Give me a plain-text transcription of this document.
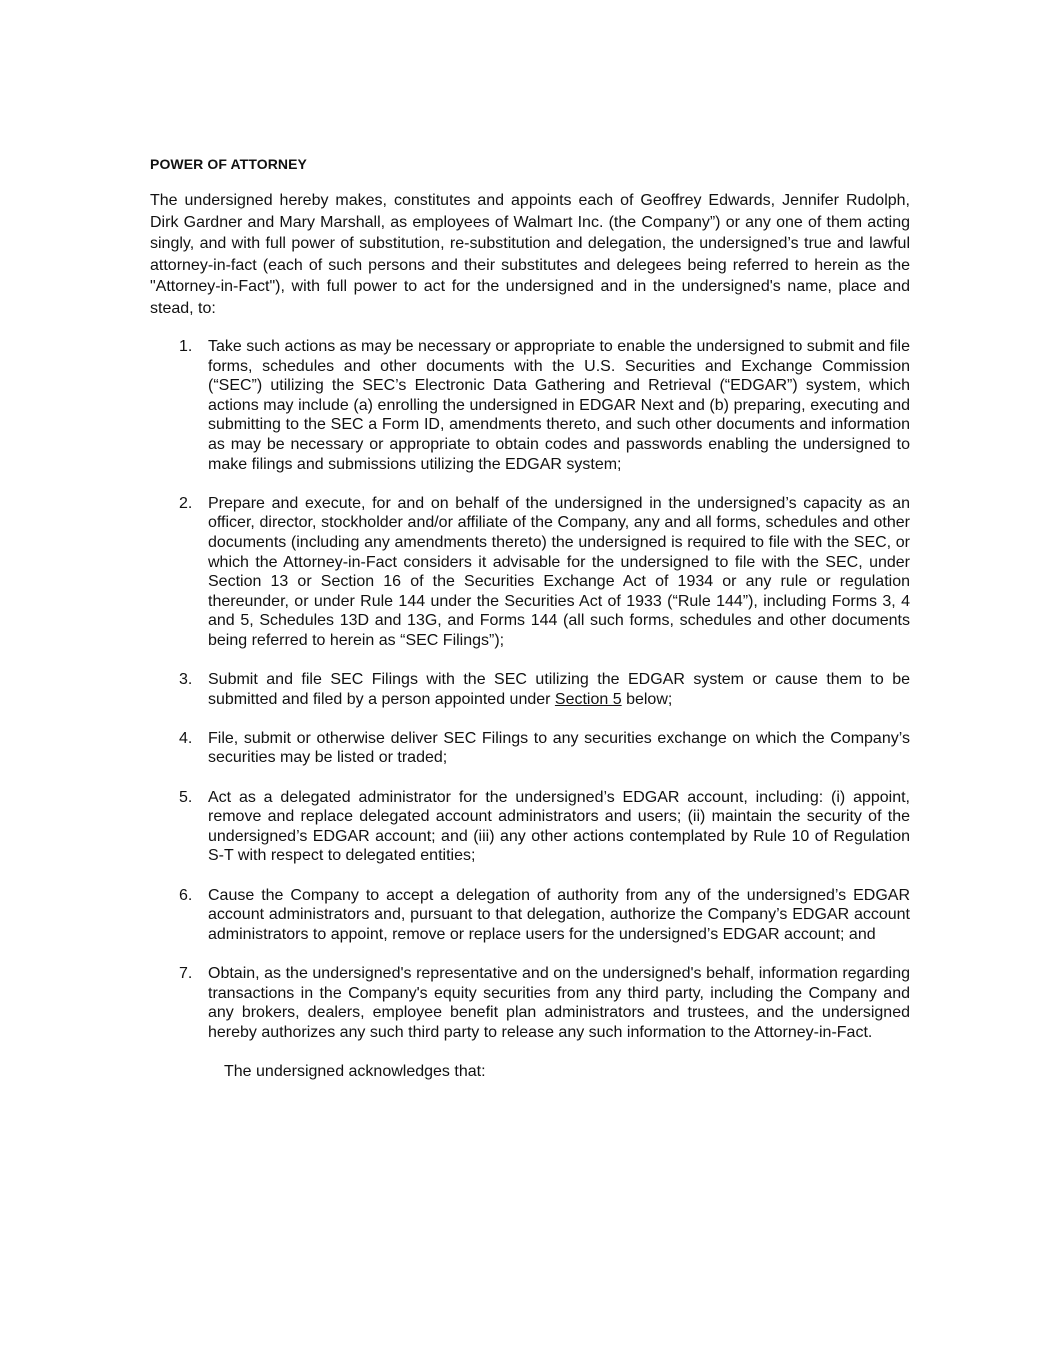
POWER OF ATTORNEY

The undersigned hereby makes, constitutes and appoints each of Geoffrey Edwards, Jennifer Rudolph, Dirk Gardner and Mary Marshall, as employees of Walmart Inc. (the Company”) or any one of them acting singly, and with full power of substitution, re-substitution and delegation, the undersigned’s true and lawful attorney-in-fact (each of such persons and their substitutes and delegees being referred to herein as the "Attorney-in-Fact"), with full power to act for the undersigned and in the undersigned's name, place and stead, to:

1. Take such actions as may be necessary or appropriate to enable the undersigned to submit and file forms, schedules and other documents with the U.S. Securities and Exchange Commission (“SEC”) utilizing the SEC’s Electronic Data Gathering and Retrieval (“EDGAR”) system, which actions may include (a) enrolling the undersigned in EDGAR Next and (b) preparing, executing and submitting to the SEC a Form ID, amendments thereto, and such other documents and information as may be necessary or appropriate to obtain codes and passwords enabling the undersigned to make filings and submissions utilizing the EDGAR system;
2. Prepare and execute, for and on behalf of the undersigned in the undersigned’s capacity as an officer, director, stockholder and/or affiliate of the Company, any and all forms, schedules and other documents (including any amendments thereto) the undersigned is required to file with the SEC, or which the Attorney-in-Fact considers it advisable for the undersigned to file with the SEC, under Section 13 or Section 16 of the Securities Exchange Act of 1934 or any rule or regulation thereunder, or under Rule 144 under the Securities Act of 1933 (“Rule 144”), including Forms 3, 4 and 5, Schedules 13D and 13G, and Forms 144 (all such forms, schedules and other documents being referred to herein as “SEC Filings”);
3. Submit and file SEC Filings with the SEC utilizing the EDGAR system or cause them to be submitted and filed by a person appointed under Section 5 below;
4. File, submit or otherwise deliver SEC Filings to any securities exchange on which the Company’s securities may be listed or traded;
5. Act as a delegated administrator for the undersigned’s EDGAR account, including: (i) appoint, remove and replace delegated account administrators and users; (ii) maintain the security of the undersigned’s EDGAR account; and (iii) any other actions contemplated by Rule 10 of Regulation S-T with respect to delegated entities;
6. Cause the Company to accept a delegation of authority from any of the undersigned’s EDGAR account administrators and, pursuant to that delegation, authorize the Company’s EDGAR account administrators to appoint, remove or replace users for the undersigned’s EDGAR account; and
7. Obtain, as the undersigned's representative and on the undersigned's behalf, information regarding transactions in the Company's equity securities from any third party, including the Company and any brokers, dealers, employee benefit plan administrators and trustees, and the undersigned hereby authorizes any such third party to release any such information to the Attorney-in-Fact.

The undersigned acknowledges that:
